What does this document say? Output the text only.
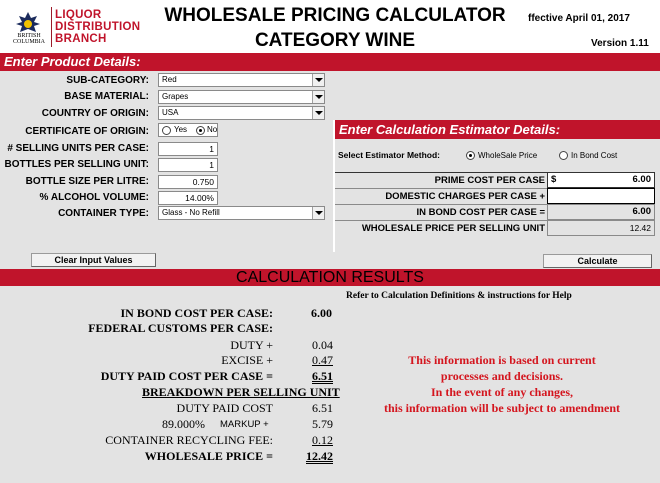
BRITISH
COLUMBIA
LIQUOR
DISTRIBUTION
BRANCH
WHOLESALE PRICING CALCULATOR
CATEGORY WINE
ffective April 01, 2017
Version 1.11
Enter Product Details:
SUB-CATEGORY: Red
BASE MATERIAL: Grapes
COUNTRY OF ORIGIN: USA
CERTIFICATE OF ORIGIN:	Yes No
# SELLING UNITS PER CASE:	1
BOTTLES PER SELLING UNIT:	1
BOTTLE SIZE PER LITRE:	0.750
% ALCOHOL VOLUME:	14.00%
CONTAINER TYPE: Glass - No Refill
Enter Calculation Estimator Details:
Select Estimator Method:	WholeSale Price	In Bond Cost
PRIME COST PER CASE $	6.00
DOMESTIC CHARGES PER CASE +
IN BOND COST PER CASE =	6.00
WHOLESALE PRICE PER SELLING UNIT	12.42
Clear Input Values	Calculate
CALCULATION RESULTS
Refer to Calculation Definitions & instructions for Help
IN BOND COST PER CASE:	6.00
FEDERAL CUSTOMS PER CASE:
DUTY +	0.04
EXCISE +	0.47
DUTY PAID COST PER CASE =	6.51
BREAKDOWN PER SELLING UNIT
DUTY PAID COST	6.51
89.000% MARKUP +	5.79
CONTAINER RECYCLING FEE:	0.12
WHOLESALE PRICE =	12.42
This information is based on current
processes and decisions.
In the event of any changes,
this information will be subject to amendment
